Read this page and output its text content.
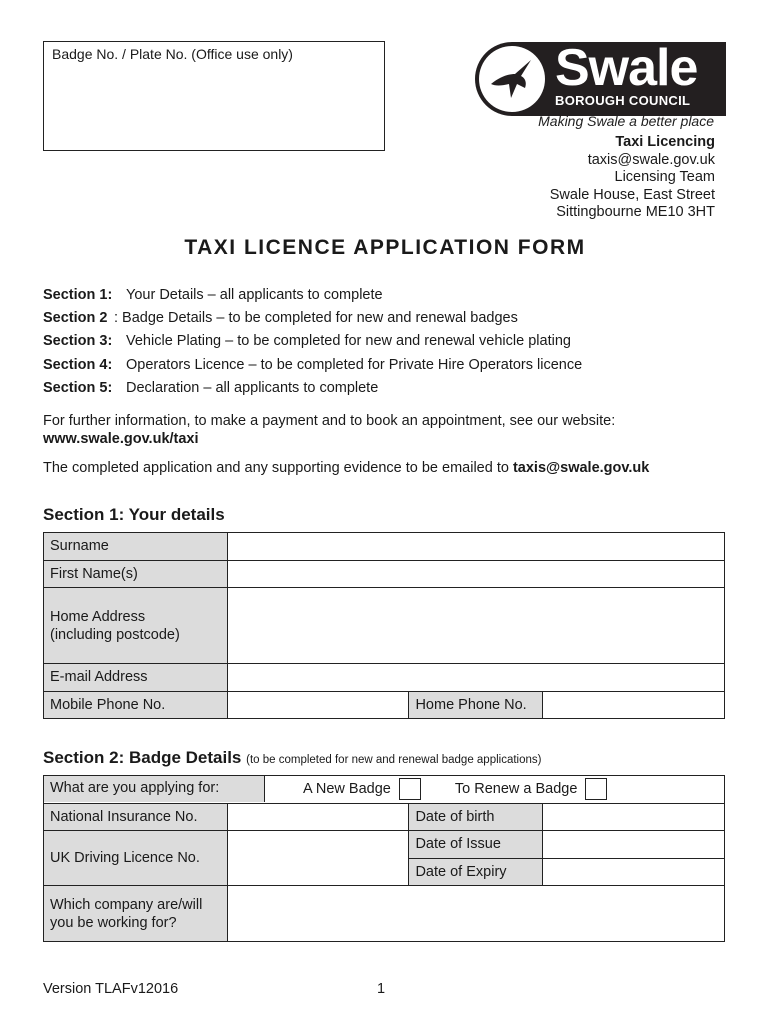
Badge No. / Plate No. (Office use only)	Swale
BOROUGH COUNCIL
Making Swale a better place
Taxi Licencing
taxis@swale.gov.uk
Licensing Team
Swale House, East Street
Sittingbourne ME10 3HT
TAXI LICENCE APPLICATION FORM
Section 1: Your Details – all applicants to complete
Section 2 : Badge Details – to be completed for new and renewal badges
Section 3: Vehicle Plating – to be completed for new and renewal vehicle plating
Section 4: Operators Licence – to be completed for Private Hire Operators licence
Section 5: Declaration – all applicants to complete
For further information, to make a payment and to book an appointment, see our website:
www.swale.gov.uk/taxi
The completed application and any supporting evidence to be emailed to taxis@swale.gov.uk
Section 1: Your details
Surname			
First Name(s)			

Home Address
(including postcode)			

E-mail Address			
Mobile Phone No.		Home Phone No.	
Section 2: Badge Details (to be completed for new and renewal badge applications)
What are you applying for: A New Badge To Renew a Badge			

National Insurance No.		Date of birth	
UK Driving Licence No.		Date of Issue	
		Date of Expiry	

Which company are/will
you be working for?			

Version TLAFv12016	1
